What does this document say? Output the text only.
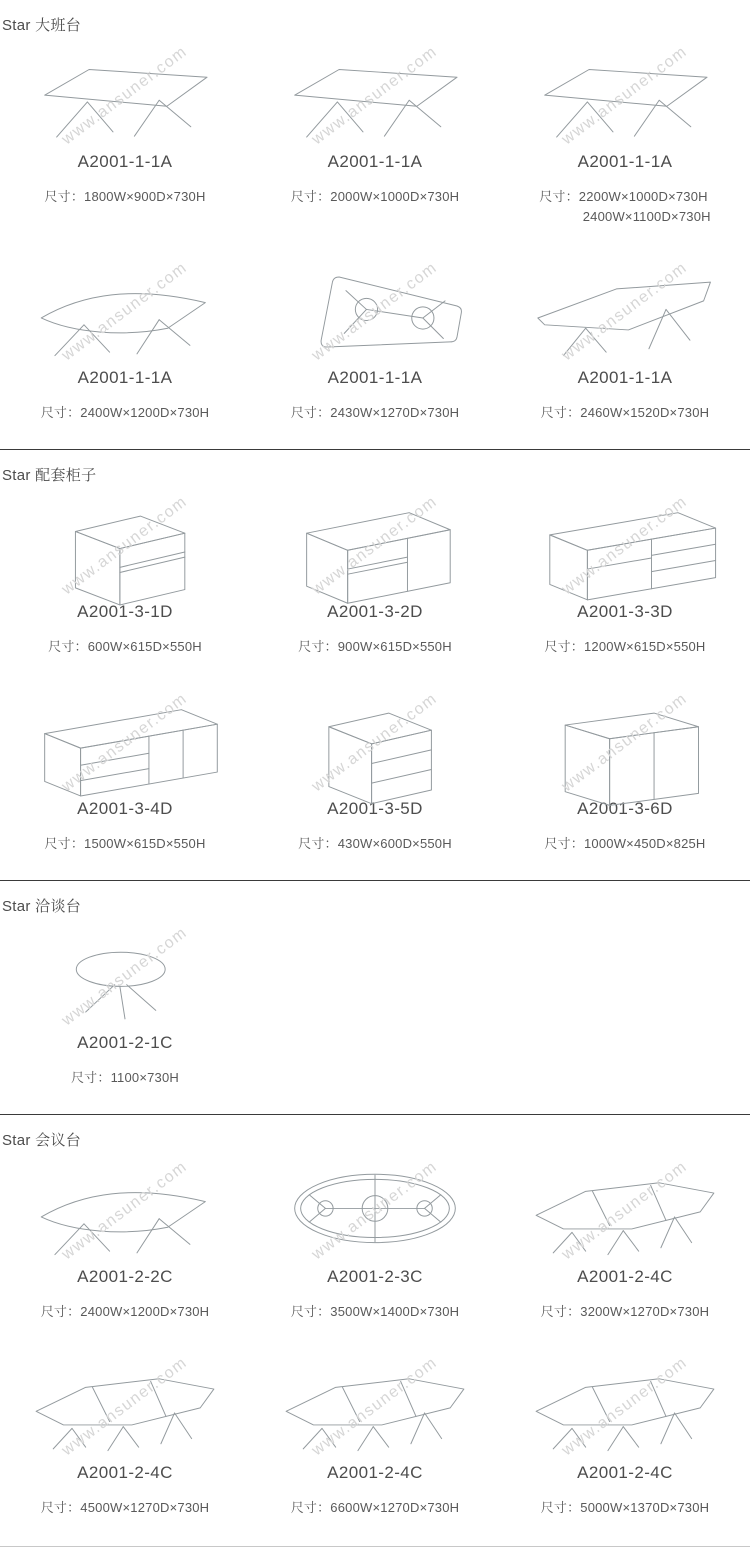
Star 大班台
www.ansuner.com
A2001-1-1A
尺寸：1800W×900D×730H
www.ansuner.com
A2001-1-1A
尺寸：2000W×1000D×730H
www.ansuner.com
A2001-1-1A
尺寸：2200W×1000D×730H
2400W×1100D×730H
www.ansuner.com
A2001-1-1A
尺寸：2400W×1200D×730H
www.ansuner.com
A2001-1-1A
尺寸：2430W×1270D×730H
www.ansuner.com
A2001-1-1A
尺寸：2460W×1520D×730H
Star 配套柜子
www.ansuner.com
A2001-3-1D
尺寸：600W×615D×550H
www.ansuner.com
A2001-3-2D
尺寸：900W×615D×550H
www.ansuner.com
A2001-3-3D
尺寸：1200W×615D×550H
www.ansuner.com
A2001-3-4D
尺寸：1500W×615D×550H
www.ansuner.com
A2001-3-5D
尺寸：430W×600D×550H
www.ansuner.com
A2001-3-6D
尺寸：1000W×450D×825H
Star 洽谈台
www.ansuner.com
A2001-2-1C
尺寸：1100×730H
Star 会议台
www.ansuner.com
A2001-2-2C
尺寸：2400W×1200D×730H
www.ansuner.com
A2001-2-3C
尺寸：3500W×1400D×730H
www.ansuner.com
A2001-2-4C
尺寸：3200W×1270D×730H
www.ansuner.com
A2001-2-4C
尺寸：4500W×1270D×730H
www.ansuner.com
A2001-2-4C
尺寸：6600W×1270D×730H
www.ansuner.com
A2001-2-4C
尺寸：5000W×1370D×730H
